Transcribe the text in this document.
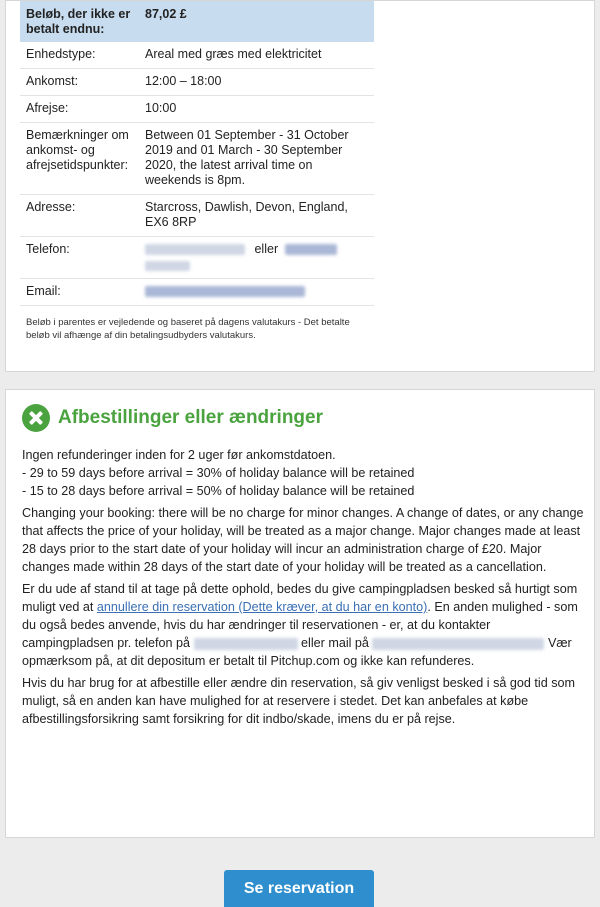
Beløb, der ikke er betalt endnu:	87,02 £
Enhedstype:	Areal med græs med elektricitet
Ankomst:	12:00 – 18:00
Afrejse:	10:00
Bemærkninger om ankomst- og afrejsetidspunkter:	Between 01 September - 31 October 2019 and 01 March - 30 September 2020, the latest arrival time on weekends is 8pm.
Adresse:	Starcross, Dawlish, Devon, England, EX6 8RP
Telefon:	eller

Email:	
Beløb i parentes er vejledende og baseret på dagens valutakurs - Det betalte beløb vil afhænge af din betalingsudbyders valutakurs.
Afbestillinger eller ændringer

Ingen refunderinger inden for 2 uger før ankomstdatoen.
- 29 to 59 days before arrival = 30% of holiday balance will be retained
- 15 to 28 days before arrival = 50% of holiday balance will be retained

Changing your booking: there will be no charge for minor changes. A change of dates, or any change that affects the price of your holiday, will be treated as a major change. Major changes made at least 28 days prior to the start date of your holiday will incur an administration charge of £20. Major changes made within 28 days of the start date of your holiday will be treated as a cancellation.

Er du ude af stand til at tage på dette ophold, bedes du give campingpladsen besked så hurtigt som muligt ved at annullere din reservation (Dette kræver, at du har en konto). En anden mulighed - som du også bedes anvende, hvis du har ændringer til reservationen - er, at du kontakter campingpladsen pr. telefon på	eller mail på	Vær opmærksom på, at dit depositum er betalt til Pitchup.com og ikke kan refunderes.

Hvis du har brug for at afbestille eller ændre din reservation, så giv venligst besked i så god tid som muligt, så en anden kan have mulighed for at reservere i stedet. Det kan anbefales at købe afbestillingsforsikring samt forsikring for dit indbo/skade, imens du er på rejse.

Se reservation
